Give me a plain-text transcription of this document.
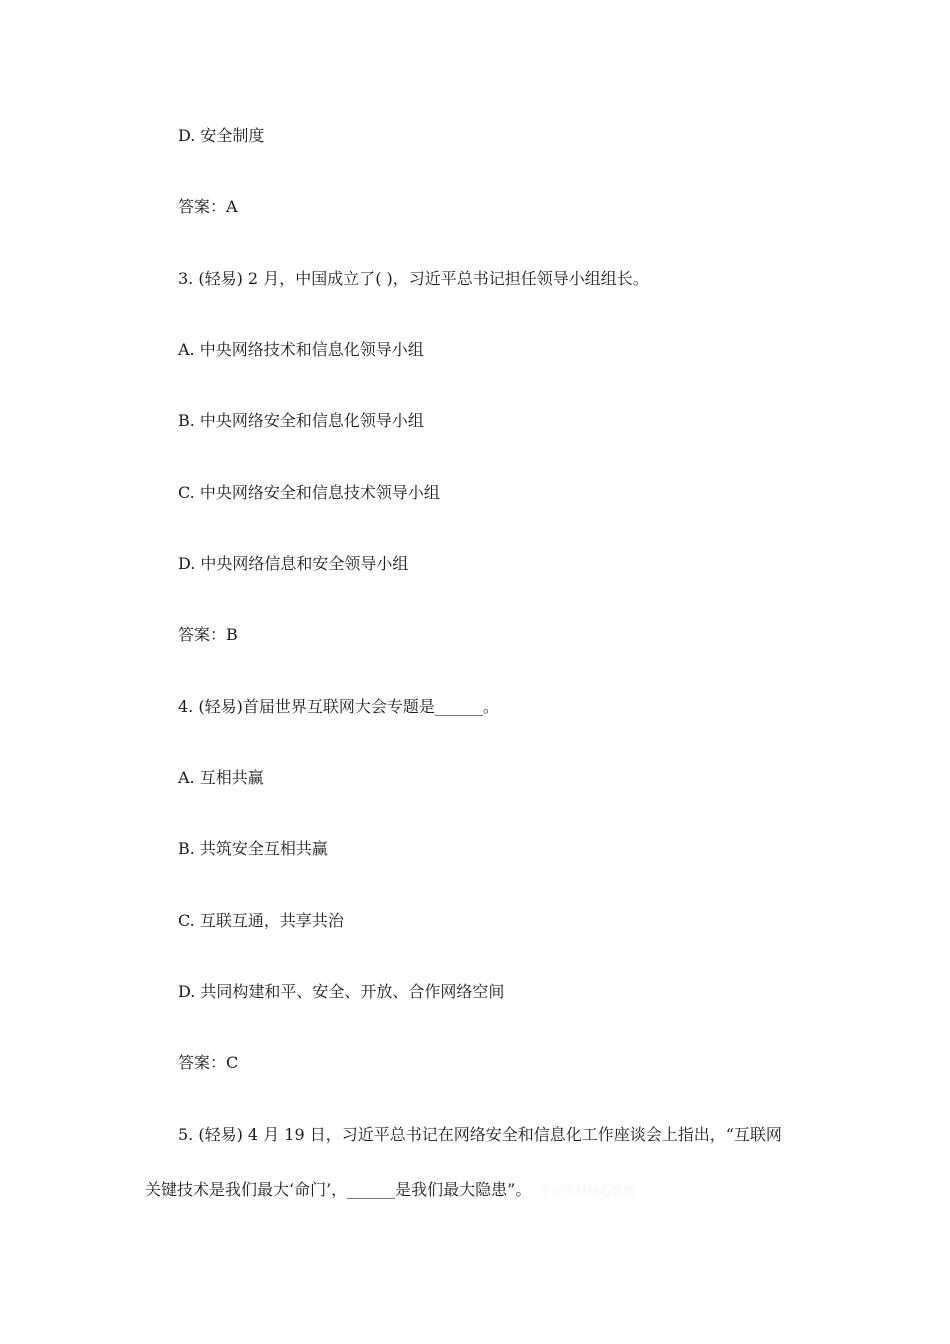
D. 安全制度
答案：A
3. (轻易) 2 月，中国成立了( )，习近平总书记担任领导小组组长。
A. 中央网络技术和信息化领导小组
B. 中央网络安全和信息化领导小组
C. 中央网络安全和信息技术领导小组
D. 中央网络信息和安全领导小组
答案：B
4. (轻易)首届世界互联网大会专题是______。
A. 互相共赢
B. 共筑安全互相共赢
C. 互联互通，共享共治
D. 共同构建和平、安全、开放、合作网络空间
答案：C
5. (轻易) 4 月 19 日，习近平总书记在网络安全和信息化工作座谈会上指出，“互联网
关键技术是我们最大‘命门’，______是我们最大隐患”。 专业资料精心整理
